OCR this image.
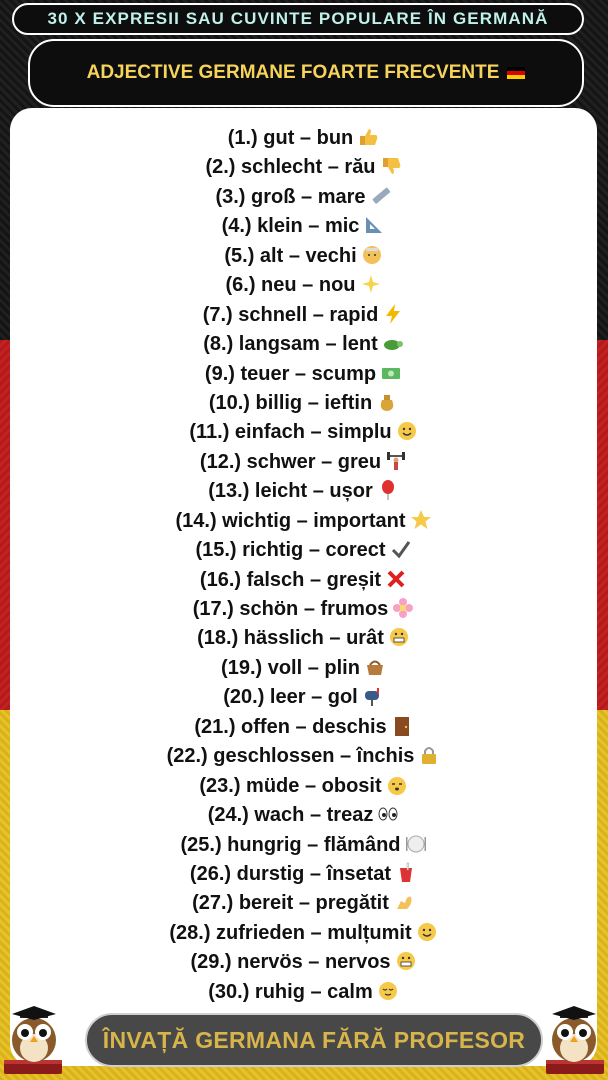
30 X EXPRESII SAU CUVINTE POPULARE ÎN GERMANĂ
ADJECTIVE GERMANE FOARTE FRECVENTE
(1.) gut – bun
(2.) schlecht – rău
(3.) groß – mare
(4.) klein – mic
(5.) alt – vechi
(6.) neu – nou
(7.) schnell – rapid
(8.) langsam – lent
(9.) teuer – scump
(10.) billig – ieftin
(11.) einfach – simplu
(12.) schwer – greu
(13.) leicht – ușor
(14.) wichtig – important
(15.) richtig – corect
(16.) falsch – greșit
(17.) schön – frumos
(18.) hässlich – urât
(19.) voll – plin
(20.) leer – gol
(21.) offen – deschis
(22.) geschlossen – închis
(23.) müde – obosit
(24.) wach – treaz
(25.) hungrig – flămând
(26.) durstig – însetat
(27.) bereit – pregătit
(28.) zufrieden – mulțumit
(29.) nervös – nervos
(30.) ruhig – calm
ÎNVAȚĂ GERMANA FĂRĂ PROFESOR
